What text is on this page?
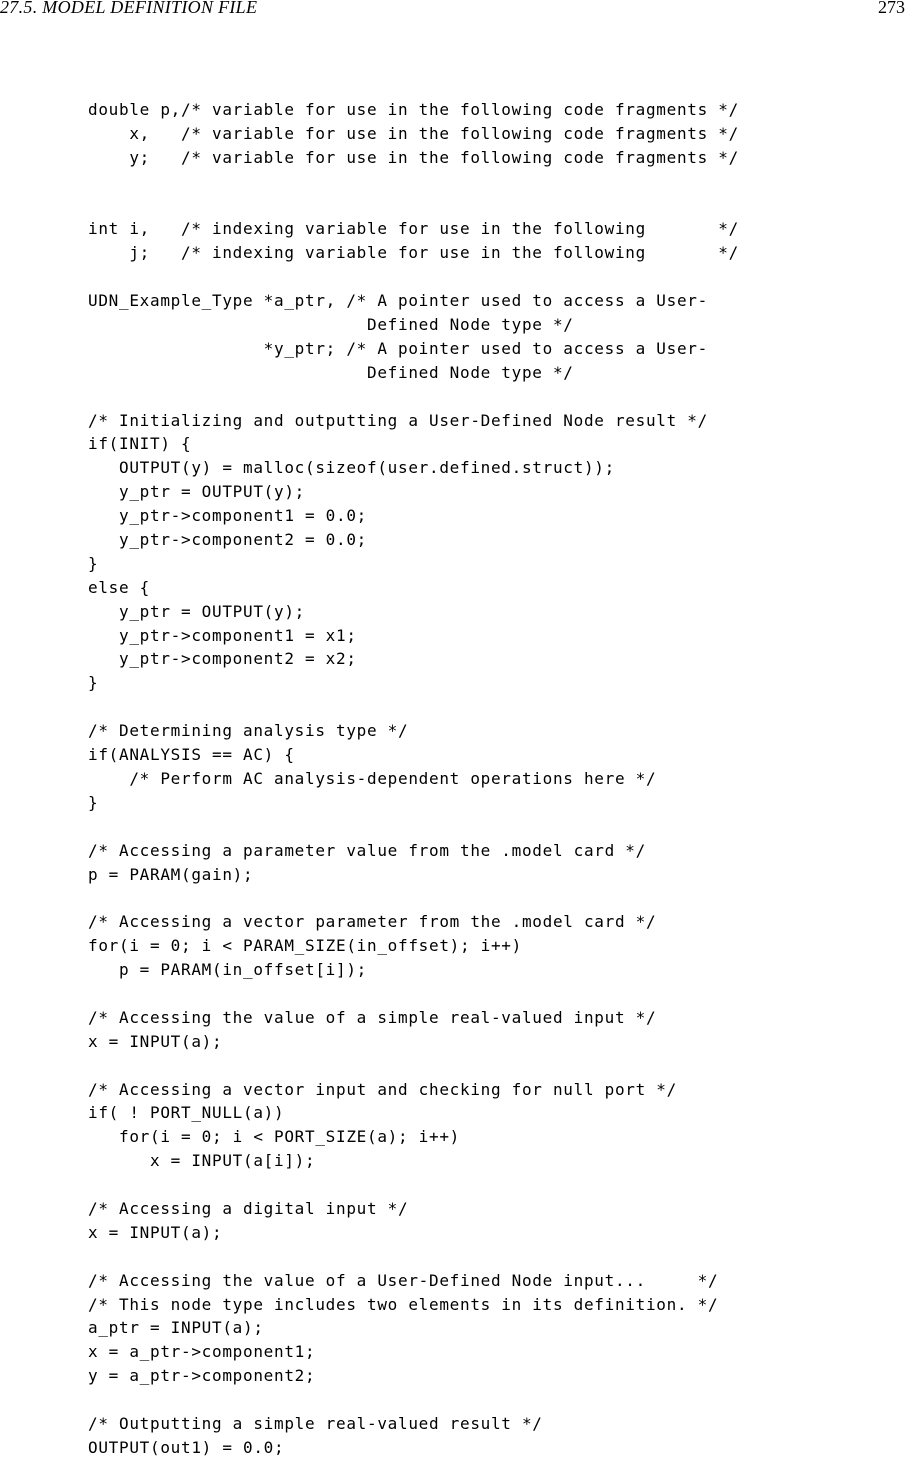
27.5. MODEL DEFINITION FILE	273
double p,/* variable for use in the following code fragments */
x,   /* variable for use in the following code fragments */
y;   /* variable for use in the following code fragments */
int i,   /* indexing variable for use in the following       */
j;   /* indexing variable for use in the following       */
UDN_Example_Type *a_ptr, /* A pointer used to access a User-
Defined Node type */
*y_ptr; /* A pointer used to access a User-
Defined Node type */
/* Initializing and outputting a User-Defined Node result */
if(INIT) {
OUTPUT(y) = malloc(sizeof(user.defined.struct));
y_ptr = OUTPUT(y);
y_ptr->component1 = 0.0;
y_ptr->component2 = 0.0;
}
else {
y_ptr = OUTPUT(y);
y_ptr->component1 = x1;
y_ptr->component2 = x2;
}
/* Determining analysis type */
if(ANALYSIS == AC) {
/* Perform AC analysis-dependent operations here */
}
/* Accessing a parameter value from the .model card */
p = PARAM(gain);
/* Accessing a vector parameter from the .model card */
for(i = 0; i < PARAM_SIZE(in_offset); i++)
p = PARAM(in_offset[i]);
/* Accessing the value of a simple real-valued input */
x = INPUT(a);
/* Accessing a vector input and checking for null port */
if( ! PORT_NULL(a))
for(i = 0; i < PORT_SIZE(a); i++)
x = INPUT(a[i]);
/* Accessing a digital input */
x = INPUT(a);
/* Accessing the value of a User-Defined Node input...     */
/* This node type includes two elements in its definition. */
a_ptr = INPUT(a);
x = a_ptr->component1;
y = a_ptr->component2;
/* Outputting a simple real-valued result */
OUTPUT(out1) = 0.0;
